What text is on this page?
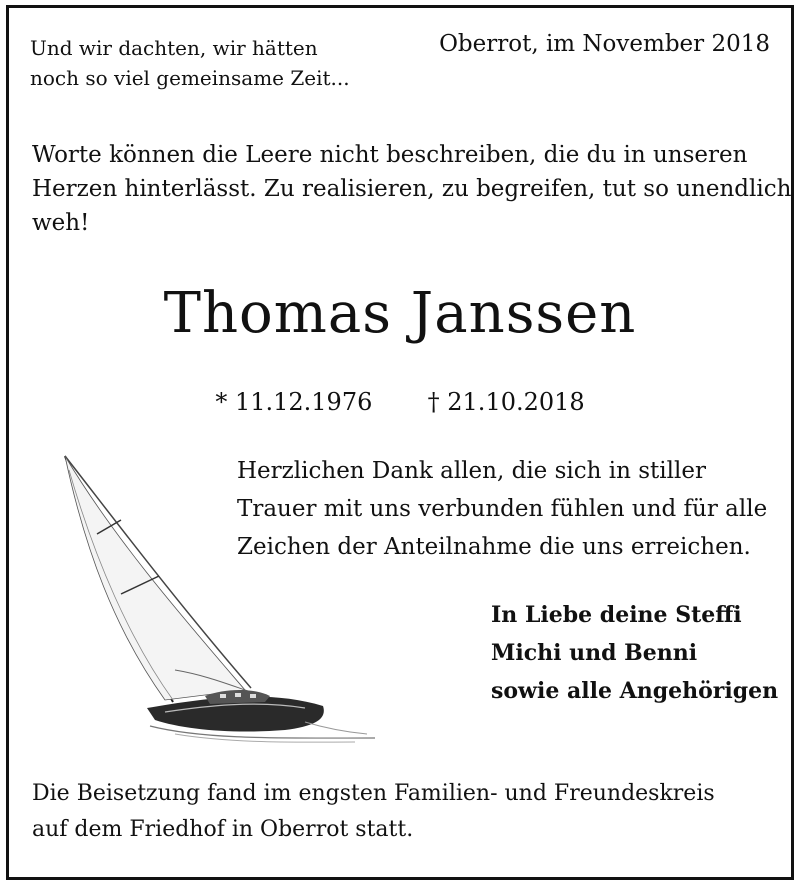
Und wir dachten, wir hätten
noch so viel gemeinsame Zeit...
Oberrot, im November 2018
Worte können die Leere nicht beschreiben, die du in unseren
Herzen hinterlässt. Zu realisieren, zu begreifen, tut so unendlich
weh!
Thomas Janssen
* 11.12.1976 † 21.10.2018
Herzlichen Dank allen, die sich in stiller
Trauer mit uns verbunden fühlen und für alle
Zeichen der Anteilnahme die uns erreichen.
In Liebe deine Steffi
Michi und Benni
sowie alle Angehörigen
Die Beisetzung fand im engsten Familien- und Freundeskreis
auf dem Friedhof in Oberrot statt.
